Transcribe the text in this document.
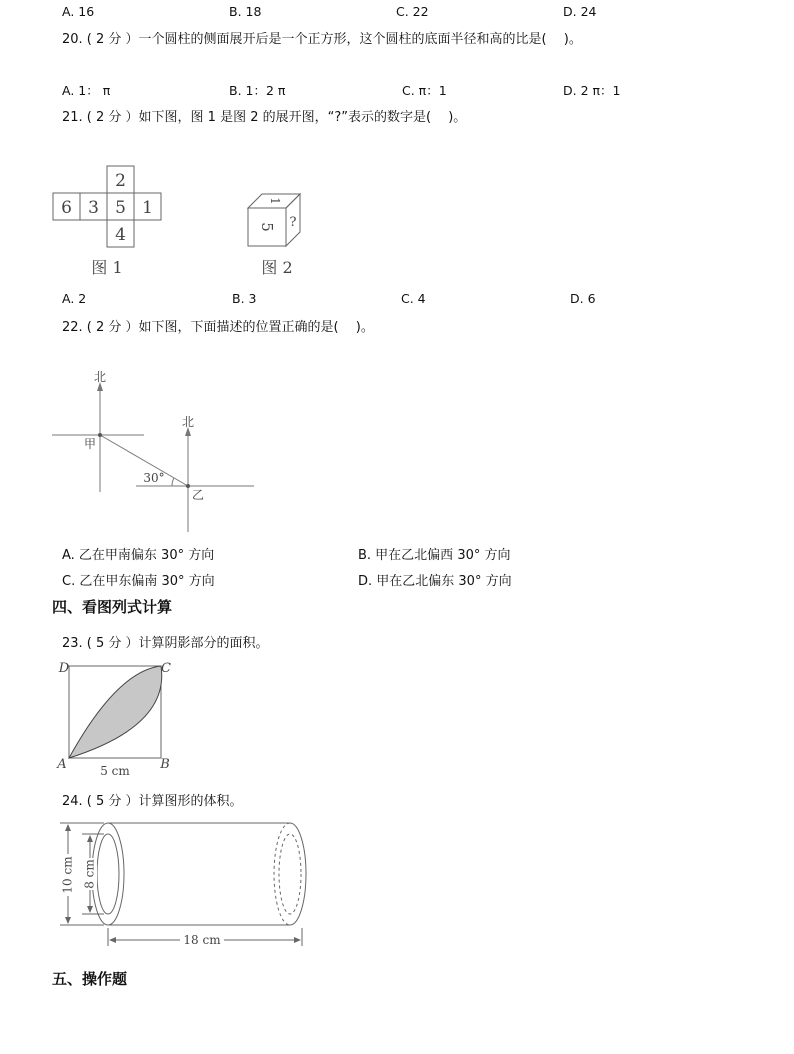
A. 16	B. 18	C. 22	D. 24
20. ( 2 分 ）一个圆柱的侧面展开后是一个正方形，这个圆柱的底面半径和高的比是(　 )。
A. 1： π	B. 1：2 π	C. π：1	D. 2 π：1
21. ( 2 分 ）如下图，图 1 是图 2 的展开图，“?”表示的数字是(　 )。
2
6 3 5 1
4
图 1
1
5 ?
图 2
A. 2	B. 3	C. 4	D. 6
22. ( 2 分 ）如下图，下面描述的位置正确的是(　 )。
北
北
甲
乙
30°
A. 乙在甲南偏东 30° 方向	B. 甲在乙北偏西 30° 方向
C. 乙在甲东偏南 30° 方向	D. 甲在乙北偏东 30° 方向
四、看图列式计算
23. ( 5 分 ）计算阴影部分的面积。
D	C
A	B
5 cm
24. ( 5 分 ）计算图形的体积。
10 cm 8 cm
18 cm
五、操作题
